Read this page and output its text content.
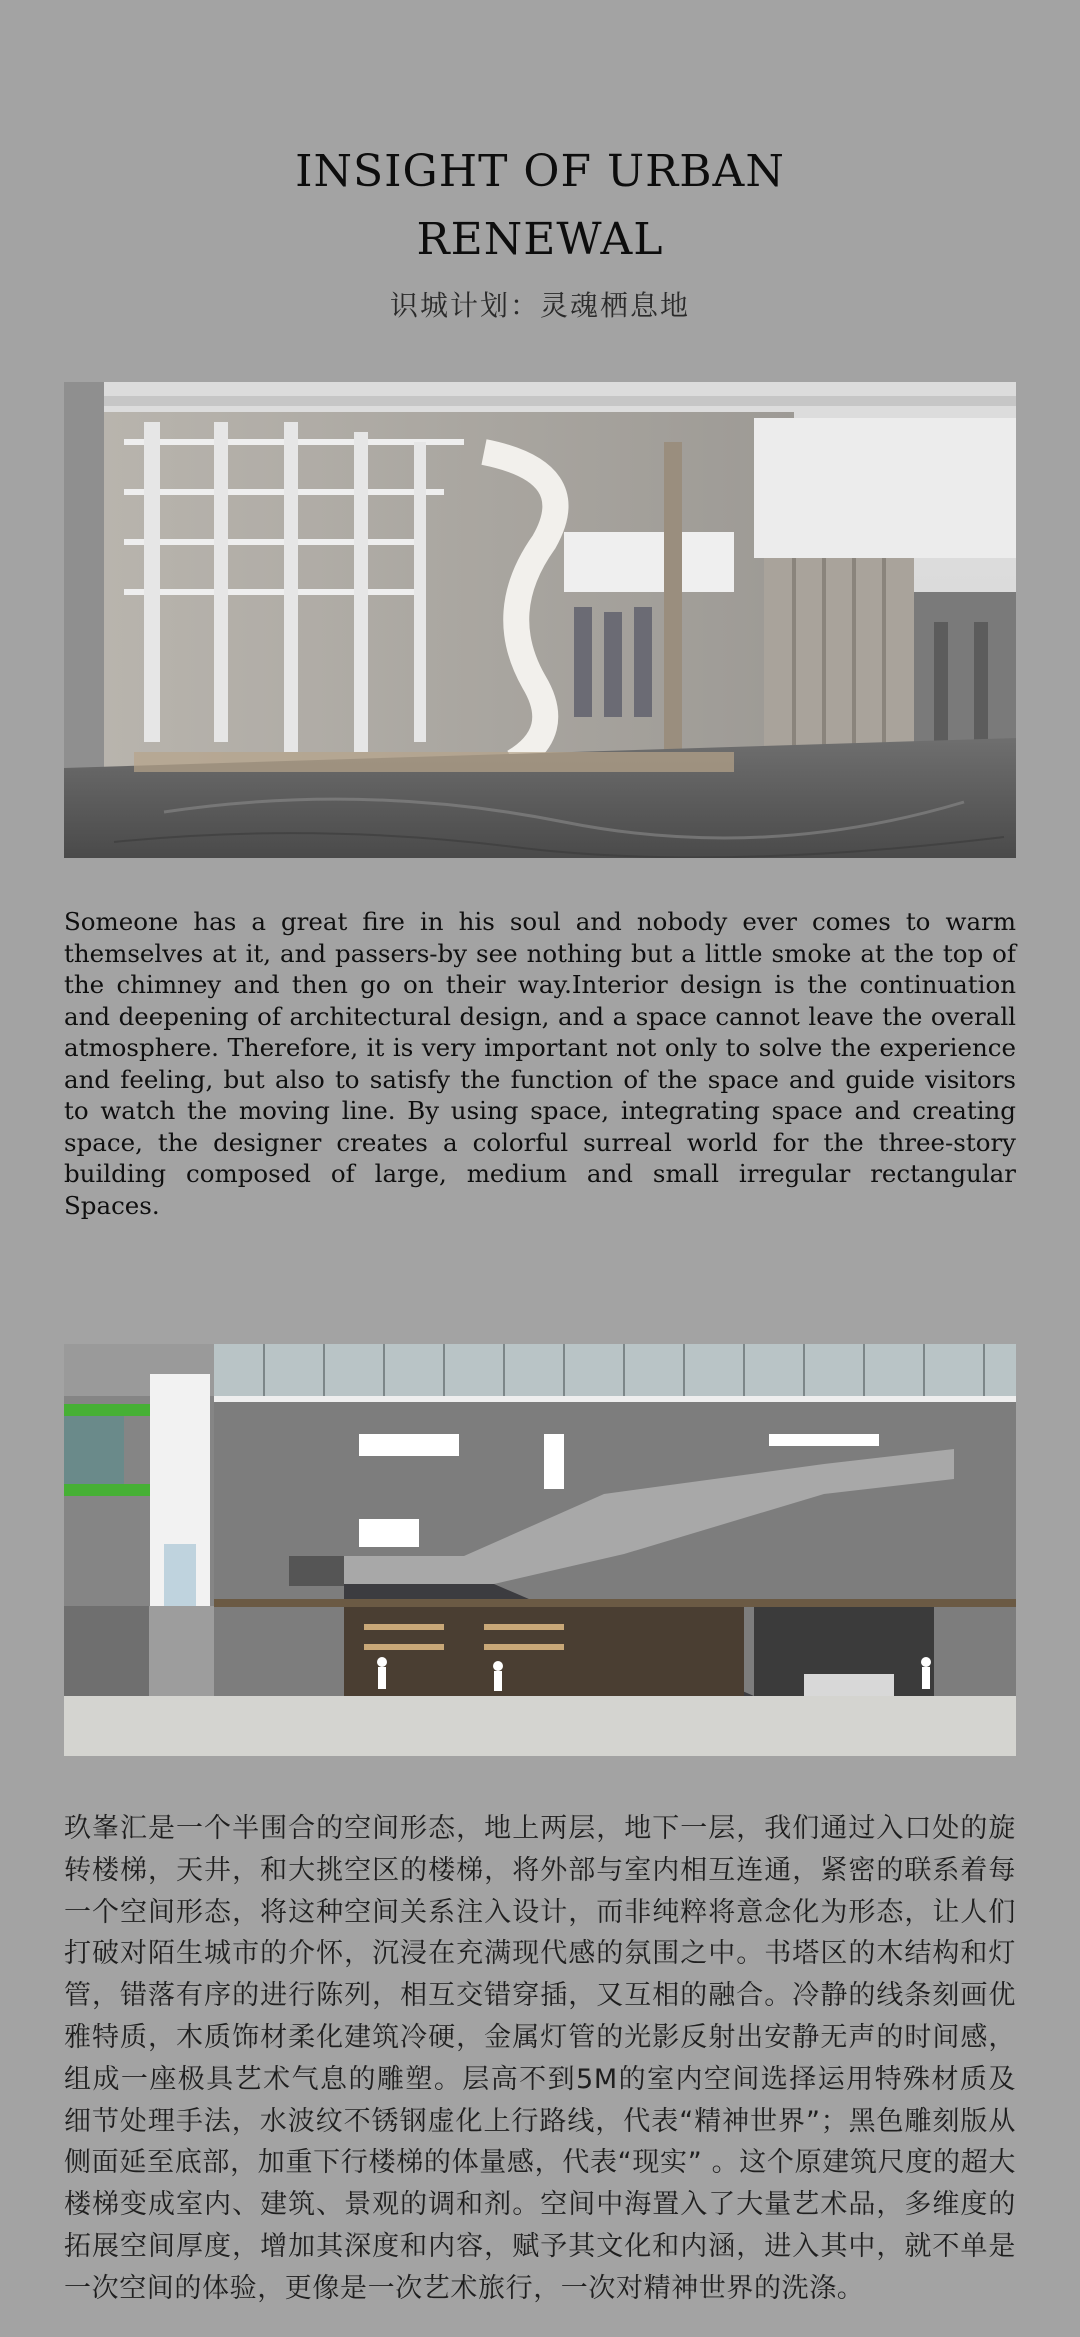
INSIGHT OF URBAN
RENEWAL
识城计划：灵魂栖息地
Someone has a great fire in his soul and nobody ever comes to warm themselves at it, and passers-by see nothing but a little smoke at the top of the chimney and then go on their way.Interior design is the continuation and deepening of architectural design, and a space cannot leave the overall atmosphere. Therefore, it is very important not only to solve the experience and feeling, but also to satisfy the function of the space and guide visitors to watch the moving line. By using space, integrating space and creating space, the designer creates a colorful surreal world for the three-story building composed of large, medium and small irregular rectangular Spaces.
玖峯汇是一个半围合的空间形态，地上两层，地下一层，我们通过入口处的旋转楼梯，天井，和大挑空区的楼梯，将外部与室内相互连通，紧密的联系着每一个空间形态，将这种空间关系注入设计，而非纯粹将意念化为形态，让人们打破对陌生城市的介怀，沉浸在充满现代感的氛围之中。书塔区的木结构和灯管，错落有序的进行陈列，相互交错穿插，又互相的融合。冷静的线条刻画优雅特质，木质饰材柔化建筑冷硬，金属灯管的光影反射出安静无声的时间感，组成一座极具艺术气息的雕塑。层高不到5M的室内空间选择运用特殊材质及细节处理手法，水波纹不锈钢虚化上行路线，代表“精神世界”；黑色雕刻版从侧面延至底部，加重下行楼梯的体量感，代表“现实” 。这个原建筑尺度的超大楼梯变成室内、建筑、景观的调和剂。空间中海置入了大量艺术品，多维度的拓展空间厚度，增加其深度和内容，赋予其文化和内涵，进入其中，就不单是一次空间的体验，更像是一次艺术旅行，一次对精神世界的洗涤。
